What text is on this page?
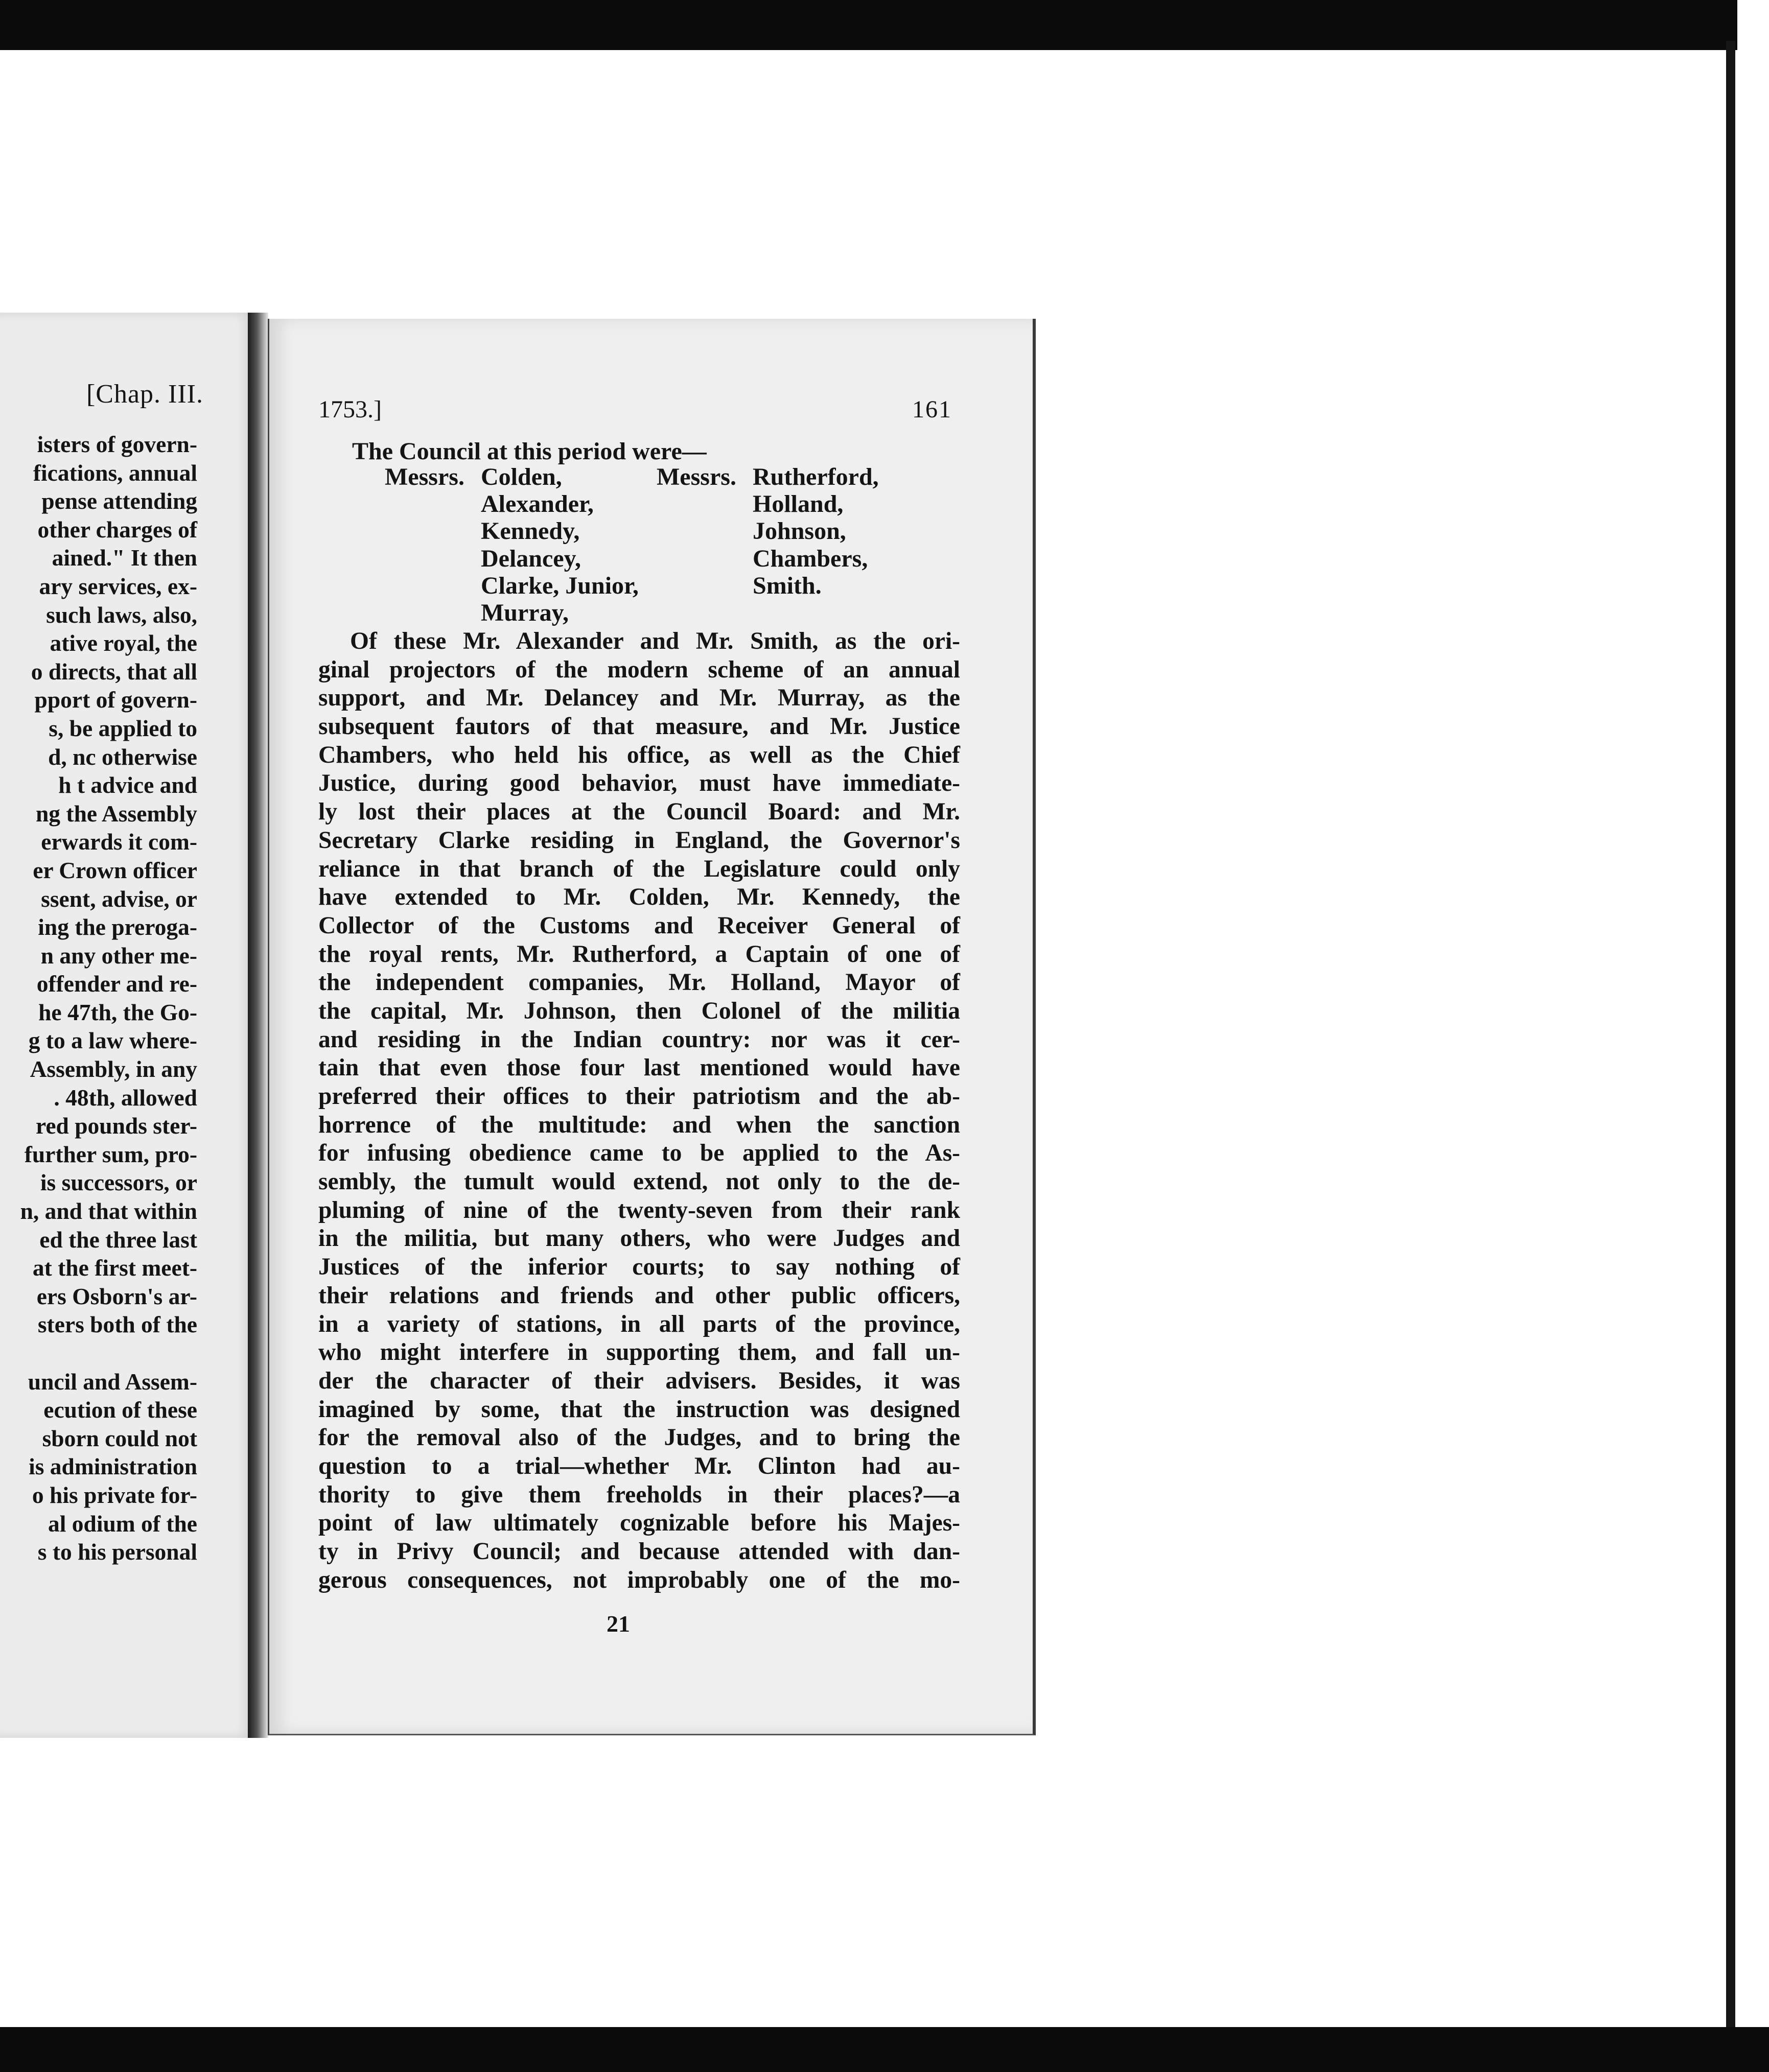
[Chap. III.
isters of govern-
fications, annual
pense attending
other charges of
ained." It then
ary services, ex-
such laws, also,
ative royal, the
o directs, that all
pport of govern-
s, be applied to
d, nc otherwise
h t advice and
ng the Assembly
erwards it com-
er Crown officer
ssent, advise, or
ing the preroga-
n any other me-
offender and re-
he 47th, the Go-
g to a law where-
Assembly, in any
. 48th, allowed
red pounds ster-
further sum, pro-
is successors, or
n, and that within
ed the three last
at the first meet-
ers Osborn's ar-
sters both of the
uncil and Assem-
ecution of these
sborn could not
is administration
o his private for-
al odium of the
s to his personal
1753.]	161
The Council at this period were—
Messrs. Colden,
Alexander,
Kennedy,
Delancey,
Clarke, Junior,
Murray,
Messrs. Rutherford,
Holland,
Johnson,
Chambers,
Smith.
Of these Mr. Alexander and Mr. Smith, as the ori-
ginal projectors of the modern scheme of an annual
support, and Mr. Delancey and Mr. Murray, as the
subsequent fautors of that measure, and Mr. Justice
Chambers, who held his office, as well as the Chief
Justice, during good behavior, must have immediate-
ly lost their places at the Council Board: and Mr.
Secretary Clarke residing in England, the Governor's
reliance in that branch of the Legislature could only
have extended to Mr. Colden, Mr. Kennedy, the
Collector of the Customs and Receiver General of
the royal rents, Mr. Rutherford, a Captain of one of
the independent companies, Mr. Holland, Mayor of
the capital, Mr. Johnson, then Colonel of the militia
and residing in the Indian country: nor was it cer-
tain that even those four last mentioned would have
preferred their offices to their patriotism and the ab-
horrence of the multitude: and when the sanction
for infusing obedience came to be applied to the As-
sembly, the tumult would extend, not only to the de-
pluming of nine of the twenty-seven from their rank
in the militia, but many others, who were Judges and
Justices of the inferior courts; to say nothing of
their relations and friends and other public officers,
in a variety of stations, in all parts of the province,
who might interfere in supporting them, and fall un-
der the character of their advisers. Besides, it was
imagined by some, that the instruction was designed
for the removal also of the Judges, and to bring the
question to a trial—whether Mr. Clinton had au-
thority to give them freeholds in their places?—a
point of law ultimately cognizable before his Majes-
ty in Privy Council; and because attended with dan-
gerous consequences, not improbably one of the mo-
21
